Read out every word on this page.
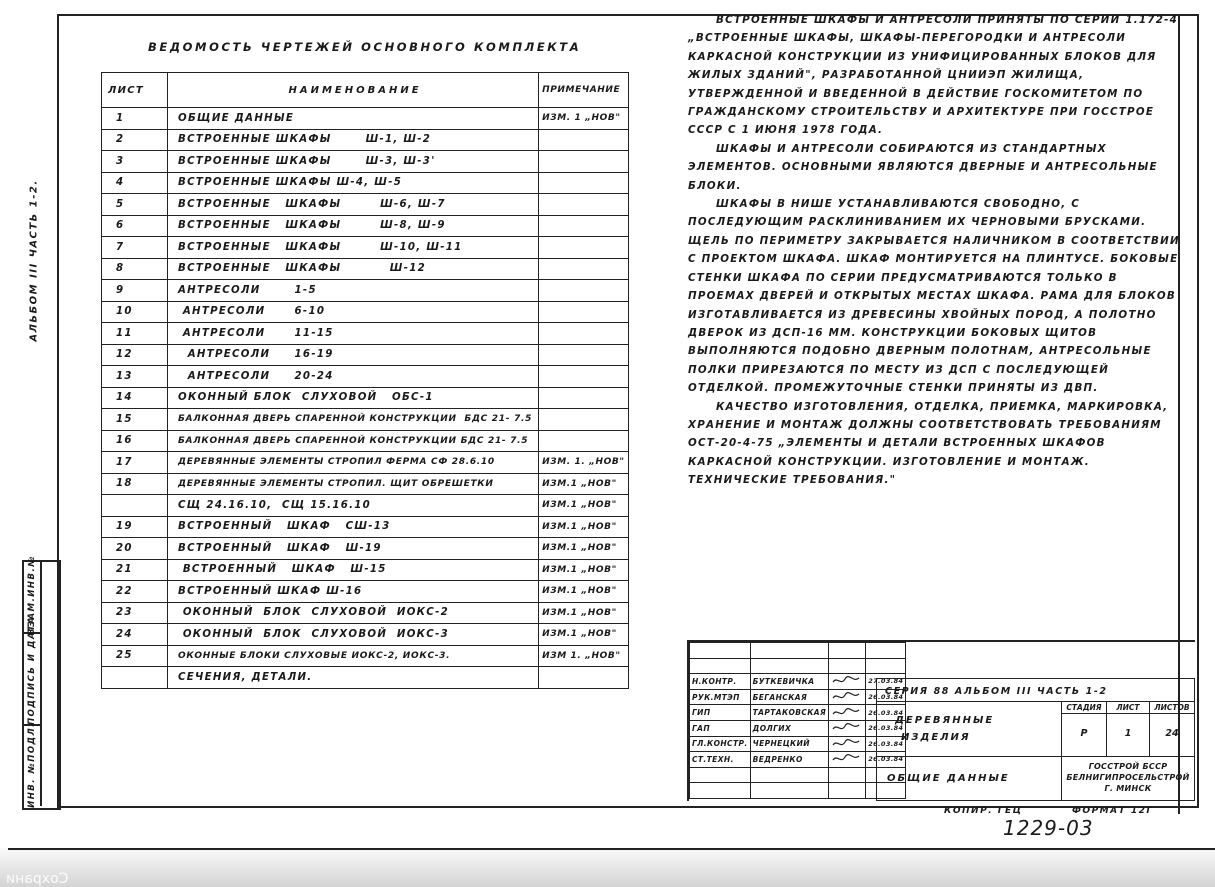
АЛЬБОМ III ЧАСТЬ 1-2.
ВЗАМ.ИНВ.№
ПОДПИСЬ И ДАТА
ИНВ. №ПОДЛ.
ВЕДОМОСТЬ ЧЕРТЕЖЕЙ ОСНОВНОГО КОМПЛЕКТА
ЛИСТ	НАИМЕНОВАНИЕ	ПРИМЕЧАНИЕ
1	ОБЩИЕ ДАННЫЕ	ИЗМ. 1 „НОВ"
2	ВСТРОЕННЫЕ ШКАФЫ       Ш-1, Ш-2	
3	ВСТРОЕННЫЕ ШКАФЫ       Ш-3, Ш-3'	
4	ВСТРОЕННЫЕ ШКАФЫ Ш-4, Ш-5	
5	ВСТРОЕННЫЕ   ШКАФЫ        Ш-6, Ш-7	
6	ВСТРОЕННЫЕ   ШКАФЫ        Ш-8, Ш-9	
7	ВСТРОЕННЫЕ   ШКАФЫ        Ш-10, Ш-11	
8	ВСТРОЕННЫЕ   ШКАФЫ          Ш-12	
9	АНТРЕСОЛИ       1-5	
10	АНТРЕСОЛИ      6-10	
11	АНТРЕСОЛИ      11-15	
12	АНТРЕСОЛИ     16-19	
13	АНТРЕСОЛИ     20-24	
14	ОКОННЫЙ БЛОК  СЛУХОВОЙ   ОБС-1	
15	БАЛКОННАЯ ДВЕРЬ СПАРЕННОЙ КОНСТРУКЦИИ  БДС 21- 7.5	
16	БАЛКОННАЯ ДВЕРЬ СПАРЕННОЙ КОНСТРУКЦИИ БДС 21- 7.5	
17	ДЕРЕВЯННЫЕ ЭЛЕМЕНТЫ СТРОПИЛ ФЕРМА СФ 28.6.10	ИЗМ. 1. „НОВ"
18	ДЕРЕВЯННЫЕ ЭЛЕМЕНТЫ СТРОПИЛ. ЩИТ ОБРЕШЕТКИ	ИЗМ.1 „НОВ"
	СЩ 24.16.10,  СЩ 15.16.10	ИЗМ.1 „НОВ"
19	ВСТРОЕННЫЙ   ШКАФ   СШ-13	ИЗМ.1 „НОВ"
20	ВСТРОЕННЫЙ   ШКАФ   Ш-19	ИЗМ.1 „НОВ"
21	ВСТРОЕННЫЙ   ШКАФ   Ш-15	ИЗМ.1 „НОВ"
22	ВСТРОЕННЫЙ ШКАФ Ш-16	ИЗМ.1 „НОВ"
23	ОКОННЫЙ  БЛОК  СЛУХОВОЙ  ИОКС-2	ИЗМ.1 „НОВ"
24	ОКОННЫЙ  БЛОК  СЛУХОВОЙ  ИОКС-3	ИЗМ.1 „НОВ"
25	ОКОННЫЕ БЛОКИ СЛУХОВЫЕ ИОКС-2, ИОКС-3.	ИЗМ 1. „НОВ"
	СЕЧЕНИЯ, ДЕТАЛИ.	

ВСТРОЕННЫЕ ШКАФЫ И АНТРЕСОЛИ ПРИНЯТЫ ПО СЕРИИ 1.172-4 „ВСТРОЕННЫЕ ШКАФЫ, ШКАФЫ-ПЕРЕГОРОДКИ И АНТРЕСОЛИ КАРКАСНОЙ КОНСТРУКЦИИ ИЗ УНИФИЦИРОВАННЫХ БЛОКОВ ДЛЯ ЖИЛЫХ ЗДАНИЙ", РАЗРАБОТАННОЙ ЦНИИЭП ЖИЛИЩА, УТВЕРЖДЕННОЙ И ВВЕДЕННОЙ В ДЕЙСТВИЕ ГОСКОМИТЕТОМ ПО ГРАЖДАНСКОМУ СТРОИТЕЛЬСТВУ И АРХИТЕКТУРЕ ПРИ ГОССТРОЕ СССР С 1 ИЮНЯ 1978 ГОДА.

ШКАФЫ И АНТРЕСОЛИ СОБИРАЮТСЯ ИЗ СТАНДАРТНЫХ ЭЛЕМЕНТОВ. ОСНОВНЫМИ ЯВЛЯЮТСЯ ДВЕРНЫЕ И АНТРЕСОЛЬНЫЕ БЛОКИ.

ШКАФЫ В НИШЕ УСТАНАВЛИВАЮТСЯ СВОБОДНО, С ПОСЛЕДУЮЩИМ РАСКЛИНИВАНИЕМ ИХ ЧЕРНОВЫМИ БРУСКАМИ. ЩЕЛЬ ПО ПЕРИМЕТРУ ЗАКРЫВАЕТСЯ НАЛИЧНИКОМ В СООТВЕТСТВИИ С ПРОЕКТОМ ШКАФА. ШКАФ МОНТИРУЕТСЯ НА ПЛИНТУСЕ. БОКОВЫЕ СТЕНКИ ШКАФА ПО СЕРИИ ПРЕДУСМАТРИВАЮТСЯ ТОЛЬКО В ПРОЕМАХ ДВЕРЕЙ И ОТКРЫТЫХ МЕСТАХ ШКАФА. РАМА ДЛЯ БЛОКОВ ИЗГОТАВЛИВАЕТСЯ ИЗ ДРЕВЕСИНЫ ХВОЙНЫХ ПОРОД, А ПОЛОТНО ДВЕРОК ИЗ ДСП-16 ММ. КОНСТРУКЦИИ БОКОВЫХ ЩИТОВ ВЫПОЛНЯЮТСЯ ПОДОБНО ДВЕРНЫМ ПОЛОТНАМ, АНТРЕСОЛЬНЫЕ ПОЛКИ ПРИРЕЗАЮТСЯ ПО МЕСТУ ИЗ ДСП С ПОСЛЕДУЮЩЕЙ ОТДЕЛКОЙ. ПРОМЕЖУТОЧНЫЕ СТЕНКИ ПРИНЯТЫ ИЗ ДВП.

КАЧЕСТВО ИЗГОТОВЛЕНИЯ, ОТДЕЛКА, ПРИЕМКА, МАРКИРОВКА, ХРАНЕНИЕ И МОНТАЖ ДОЛЖНЫ СООТВЕТСТВОВАТЬ ТРЕБОВАНИЯМ ОСТ-20-4-75 „ЭЛЕМЕНТЫ И ДЕТАЛИ ВСТРОЕННЫХ ШКАФОВ КАРКАСНОЙ КОНСТРУКЦИИ. ИЗГОТОВЛЕНИЕ И МОНТАЖ. ТЕХНИЧЕСКИЕ ТРЕБОВАНИЯ."

Н.КОНТР.	БУТКЕВИЧКА		27.03.84
РУК.МТЭП	БЕГАНСКАЯ		26.03.84
ГИП	ТАРТАКОВСКАЯ		26.03.84
ГАП	ДОЛГИХ		26.03.84
ГЛ.КОНСТР.	ЧЕРНЕЦКИЙ		26.03.84
СТ.ТЕХН.	ВЕДРЕНКО		26.03.84

СЕРИЯ 88 АЛЬБОМ III ЧАСТЬ 1-2
ДЕРЕВЯННЫЕ
ИЗДЕЛИЯ
СТАДИЯ	ЛИСТ	ЛИСТОВ
Р	1	24
ОБЩИЕ ДАННЫЕ
ГОССТРОЙ БССР
БЕЛНИГИПРОСЕЛЬСТРОЙ
Г. МИНСК
КОПИР. ГЕЦ	ФОРМАТ 12Г
1229-03
Сохрани
